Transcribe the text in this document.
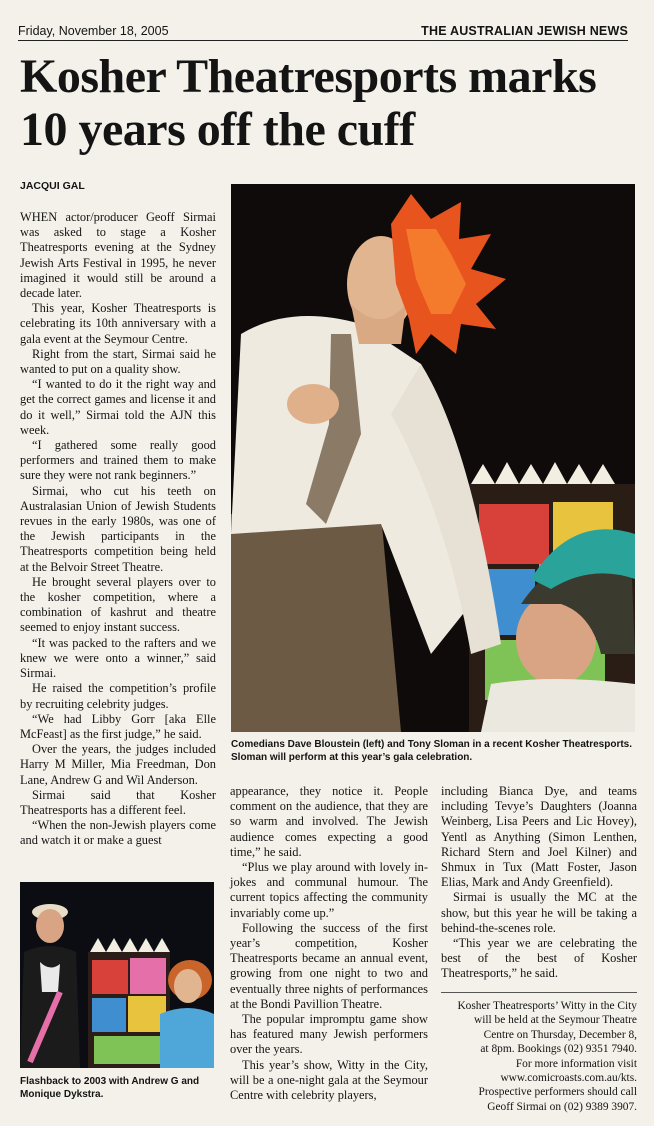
Friday, November 18, 2005	THE AUSTRALIAN JEWISH NEWS
Kosher Theatresports marks
10 years off the cuff
JACQUI GAL

WHEN actor/producer Geoff Sirmai was asked to stage a Kosher Theatresports evening at the Sydney Jewish Arts Festival in 1995, he never imagined it would still be around a decade later.

This year, Kosher Theatresports is celebrating its 10th anniversary with a gala event at the Seymour Centre.

Right from the start, Sirmai said he wanted to put on a quality show.

“I wanted to do it the right way and get the correct games and license it and do it well,” Sirmai told the AJN this week.

“I gathered some really good performers and trained them to make sure they were not rank beginners.”

Sirmai, who cut his teeth on Australasian Union of Jewish Students revues in the early 1980s, was one of the Jewish participants in the Theatresports competition being held at the Belvoir Street Theatre.

He brought several players over to the kosher competition, where a combination of kashrut and theatre seemed to enjoy instant success.

“It was packed to the rafters and we knew we were onto a winner,” said Sirmai.

He raised the competition’s profile by recruiting celebrity judges.

“We had Libby Gorr [aka Elle McFeast] as the first judge,” he said.

Over the years, the judges included Harry M Miller, Mia Freedman, Don Lane, Andrew G and Wil Anderson.

Sirmai said that Kosher Theatresports has a different feel.

“When the non-Jewish players come and watch it or make a guest

Comedians Dave Bloustein (left) and Tony Sloman in a recent Kosher Theatresports. Sloman will perform at this year’s gala celebration.

appearance, they notice it. People comment on the audience, that they are so warm and involved. The Jewish audience comes expecting a good time,” he said.

“Plus we play around with lovely in-jokes and communal humour. The current topics affecting the community invariably come up.”

Following the success of the first year’s competition, Kosher Theatresports became an annual event, growing from one night to two and eventually three nights of performances at the Bondi Pavillion Theatre.

The popular impromptu game show has featured many Jewish performers over the years.

This year’s show, Witty in the City, will be a one-night gala at the Seymour Centre with celebrity players,

including Bianca Dye, and teams including Tevye’s Daughters (Joanna Weinberg, Lisa Peers and Lic Hovey), Yentl as Anything (Simon Lenthen, Richard Stern and Joel Kilner) and Shmux in Tux (Matt Foster, Jason Elias, Mark and Andy Greenfield).

Sirmai is usually the MC at the show, but this year he will be taking a behind-the-scenes role.

“This year we are celebrating the best of the best of Kosher Theatresports,” he said.

Kosher Theatresports’ Witty in the City
will be held at the Seymour Theatre
Centre on Thursday, December 8,
at 8pm. Bookings (02) 9351 7940.
For more information visit
www.comicroasts.com.au/kts.
Prospective performers should call
Geoff Sirmai on (02) 9389 3907.
Flashback to 2003 with Andrew G and Monique Dykstra.
